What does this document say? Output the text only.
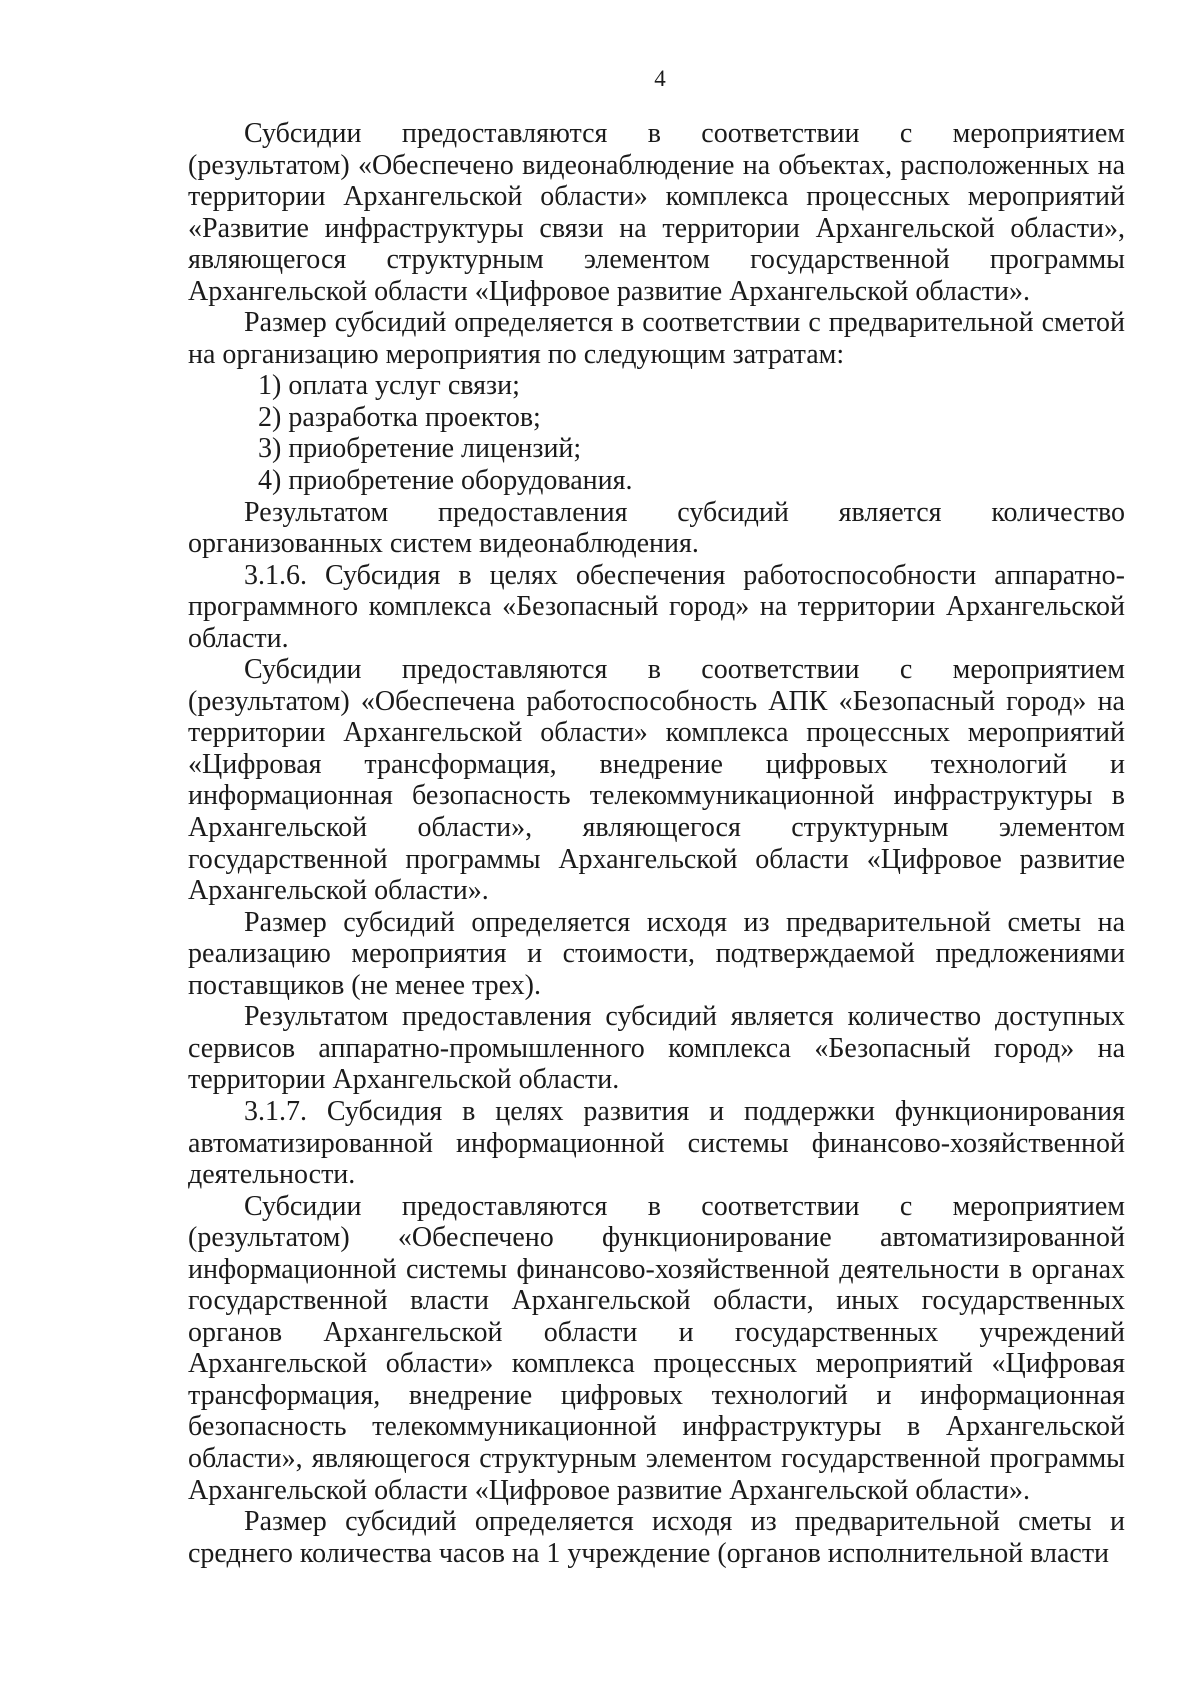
4

Субсидии предоставляются в соответствии с мероприятием (результатом) «Обеспечено видеонаблюдение на объектах, расположенных на территории Архангельской области» комплекса процессных мероприятий «Развитие инфраструктуры связи на территории Архангельской области», являющегося структурным элементом государственной программы Архангельской области «Цифровое развитие Архангельской области».

Размер субсидий определяется в соответствии с предварительной сметой на организацию мероприятия по следующим затратам:

1) оплата услуг связи;

2) разработка проектов;

3) приобретение лицензий;

4) приобретение оборудования.

Результатом предоставления субсидий является количество организованных систем видеонаблюдения.

3.1.6. Субсидия в целях обеспечения работоспособности аппаратно-программного комплекса «Безопасный город» на территории Архангельской области.

Субсидии предоставляются в соответствии с мероприятием (результатом) «Обеспечена работоспособность АПК «Безопасный город» на территории Архангельской области» комплекса процессных мероприятий «Цифровая трансформация, внедрение цифровых технологий и информационная безопасность телекоммуникационной инфраструктуры в Архангельской области», являющегося структурным элементом государственной программы Архангельской области «Цифровое развитие Архангельской области».

Размер субсидий определяется исходя из предварительной сметы на реализацию мероприятия и стоимости, подтверждаемой предложениями поставщиков (не менее трех).

Результатом предоставления субсидий является количество доступных сервисов аппаратно-промышленного комплекса «Безопасный город» на территории Архангельской области.

3.1.7. Субсидия в целях развития и поддержки функционирования автоматизированной информационной системы финансово-хозяйственной деятельности.

Субсидии предоставляются в соответствии с мероприятием (результатом) «Обеспечено функционирование автоматизированной информационной системы финансово-хозяйственной деятельности в органах государственной власти Архангельской области, иных государственных органов Архангельской области и государственных учреждений Архангельской области» комплекса процессных мероприятий «Цифровая трансформация, внедрение цифровых технологий и информационная безопасность телекоммуникационной инфраструктуры в Архангельской области», являющегося структурным элементом государственной программы Архангельской области «Цифровое развитие Архангельской области».

Размер субсидий определяется исходя из предварительной сметы и среднего количества часов на 1 учреждение (органов исполнительной власти
